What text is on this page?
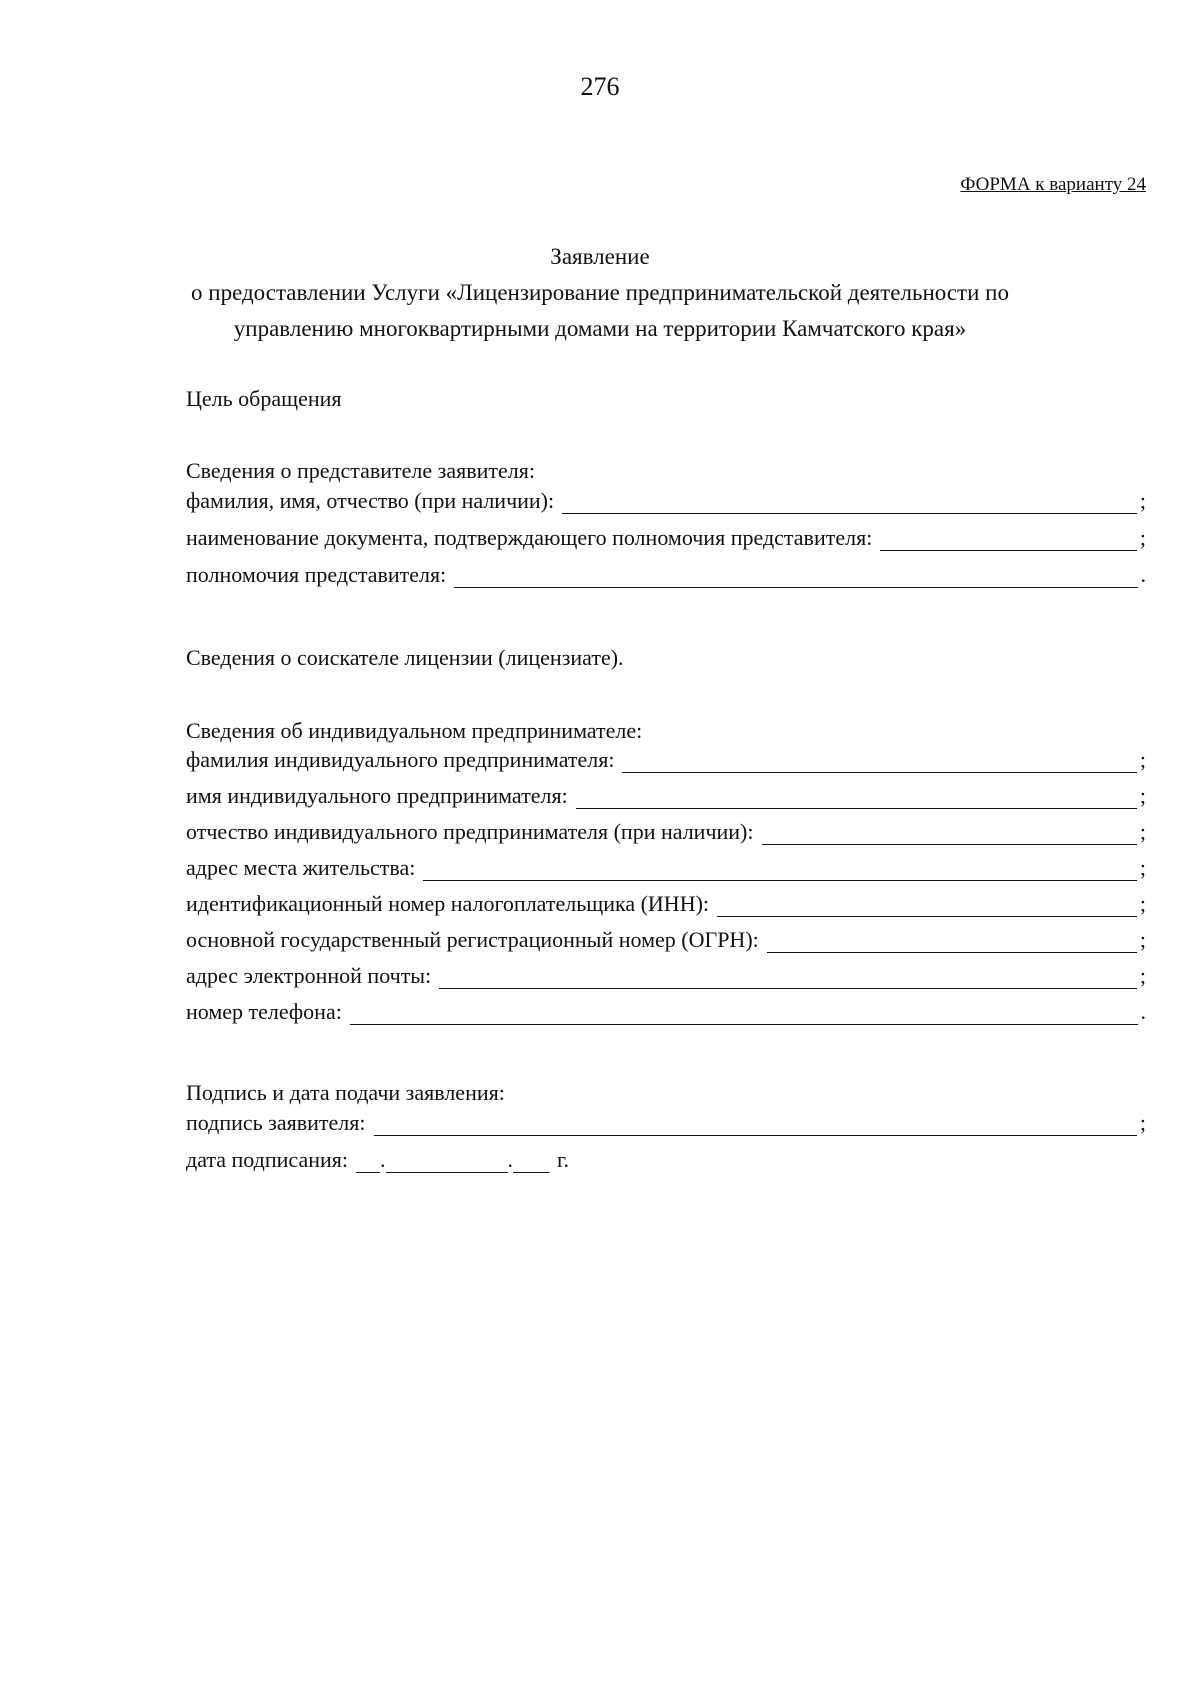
276
ФОРМА к варианту 24
Заявление
о предоставлении Услуги «Лицензирование предпринимательской деятельности по
управлению многоквартирными домами на территории Камчатского края»
Цель обращения
Сведения о представителе заявителя:
фамилия, имя, отчество (при наличии):	;
наименование документа, подтверждающего полномочия представителя:	;
полномочия представителя:	.
Сведения о соискателе лицензии (лицензиате).
Сведения об индивидуальном предпринимателе:
фамилия индивидуального предпринимателя:	;
имя индивидуального предпринимателя:	;
отчество индивидуального предпринимателя (при наличии):	;
адрес места жительства:	;
идентификационный номер налогоплательщика (ИНН):	;
основной государственный регистрационный номер (ОГРН):	;
адрес электронной почты:	;
номер телефона:	.
Подпись и дата подачи заявления:
подпись заявителя:	;
дата подписания: .	. г.
